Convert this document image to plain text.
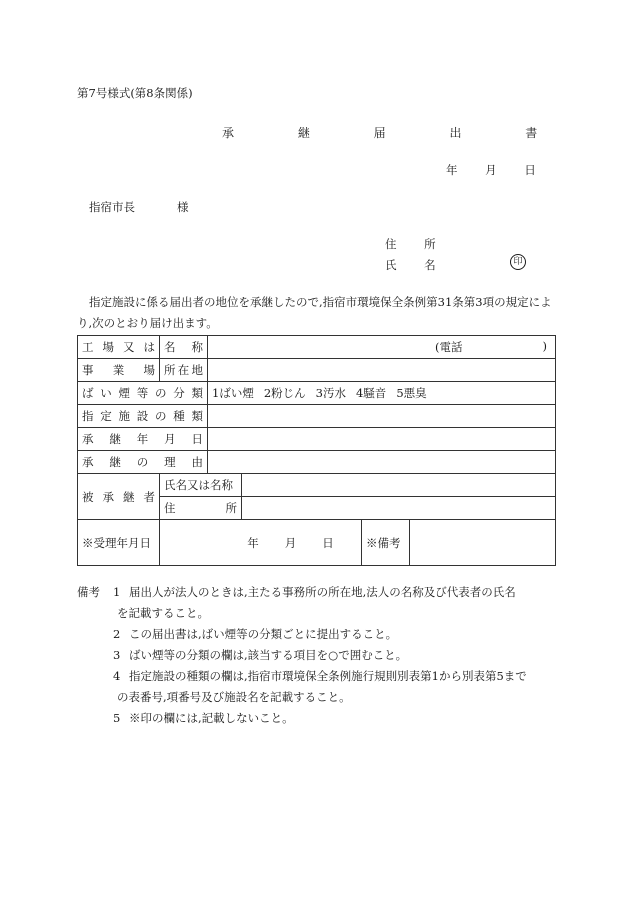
第7号様式(第8条関係)
承 継 届 出 書
年 月 日
指宿市長	様
住 所
氏 名	印
指定施設に係る届出者の地位を承継したので,指宿市環境保全条例第31条第3項の規定により,次のとおり届け出ます。
工 場 又 は	名 称	(電話 )			

事 業 場	所在地				
ばい煙等の分類		1ばい煙 2粉じん 3汚水 4騒音 5悪臭			
指定施設の種類					
承継年月日					
承継の理由					
被承継者	氏名又は名称				
	住 所				
※受理年月日	年 月 日			※備考	
備考	1 届出人が法人のときは,主たる事務所の所在地,法人の名称及び代表者の氏名
を記載すること。
2 この届出書は,ばい煙等の分類ごとに提出すること。
3 ばい煙等の分類の欄は,該当する項目を○で囲むこと。
4 指定施設の種類の欄は,指宿市環境保全条例施行規則別表第1から別表第5まで
の表番号,項番号及び施設名を記載すること。
5 ※印の欄には,記載しないこと。
